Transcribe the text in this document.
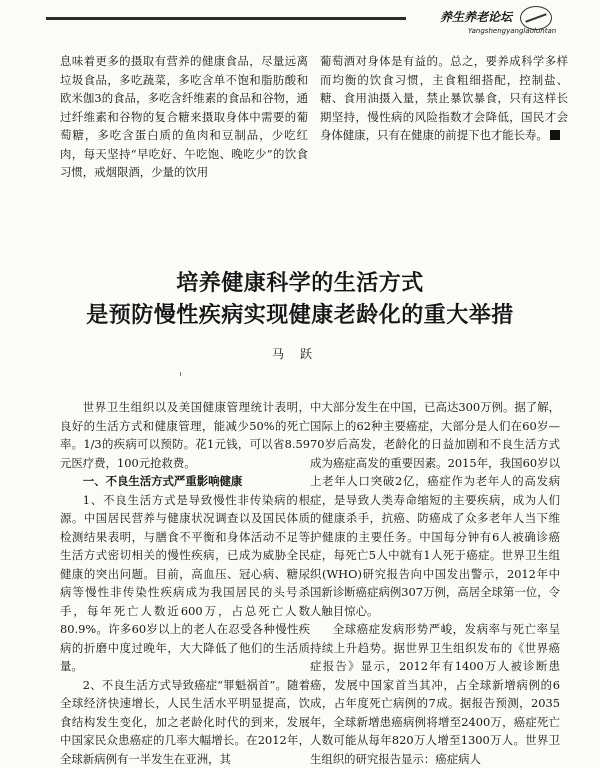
养生养老论坛
Yangshengyanglaoluntan

息味着更多的摄取有营养的健康食品，尽量远离垃圾食品，多吃蔬菜，多吃含单不饱和脂肪酸和欧米伽3的食品，多吃含纤维素的食品和谷物，通过纤维素和谷物的复合糖来摄取身体中需要的葡萄糖，多吃含蛋白质的鱼肉和豆制品，少吃红肉，每天坚持“早吃好、午吃饱、晚吃少”的饮食习惯，戒烟限酒，少量的饮用

葡萄酒对身体是有益的。总之，要养成科学多样而均衡的饮食习惯，主食粗细搭配，控制盐、糖、食用油摄入量，禁止暴饮暴食，只有这样长期坚持，慢性病的风险指数才会降低，国民才会身体健康，只有在健康的前提下也才能长寿。

培养健康科学的生活方式
是预防慢性疾病实现健康老龄化的重大举措

马跃

世界卫生组织以及美国健康管理统计表明，良好的生活方式和健康管理，能减少50%的死亡率。1/3的疾病可以预防。花1元钱，可以省8.59元医疗费，100元抢救费。

一、不良生活方式严重影响健康

1、不良生活方式是导致慢性非传染病的根源。中国居民营养与健康状况调查以及国民体质检测结果表明，与膳食不平衡和身体活动不足等生活方式密切相关的慢性疾病，已成为威胁全民健康的突出问题。目前，高血压、冠心病、糖尿病等慢性非传染性疾病成为我国居民的头号杀手，每年死亡人数近600万，占总死亡人数80.9%。许多60岁以上的老人在忍受各种慢性疾病的折磨中度过晚年，大大降低了他们的生活质量。

2、不良生活方式导致癌症“罪魁祸首”。随着全球经济快速增长，人民生活水平明显提高，饮食结构发生变化，加之老龄化时代的到来，发展中国家民众患癌症的几率大幅增长。在2012年，全球新病例有一半发生在亚洲，其

中大部分发生在中国，已高达300万例。据了解，国际上的62种主要癌症，大部分是人们在60岁—70岁后高发，老龄化的日益加剧和不良生活方式成为癌症高发的重要因素。2015年，我国60岁以上老年人口突破2亿，癌症作为老年人的高发病症，是导致人类寿命缩短的主要疾病，成为人们的健康杀手，抗癌、防癌成了众多老年人当下维护健康的主要任务。中国每分钟有6人被确诊癌症，每死亡5人中就有1人死于癌症。世界卫生组织(WHO)研究报告向中国发出警示，2012年中国新诊断癌症病例307万例，高居全球第一位，令人触目惊心。

全球癌症发病形势严峻，发病率与死亡率呈持续上升趋势。据世界卫生组织发布的《世界癌症报告》显示，2012年有1400万人被诊断患癌，发展中国家首当其冲，占全球新增病例的6成，占年度死亡病例的7成。据报告预测，2035年，全球新增患癌病例将增至2400万，癌症死亡人数可能从每年820万人增至1300万人。世界卫生组织的研究报告显示：癌症病人
